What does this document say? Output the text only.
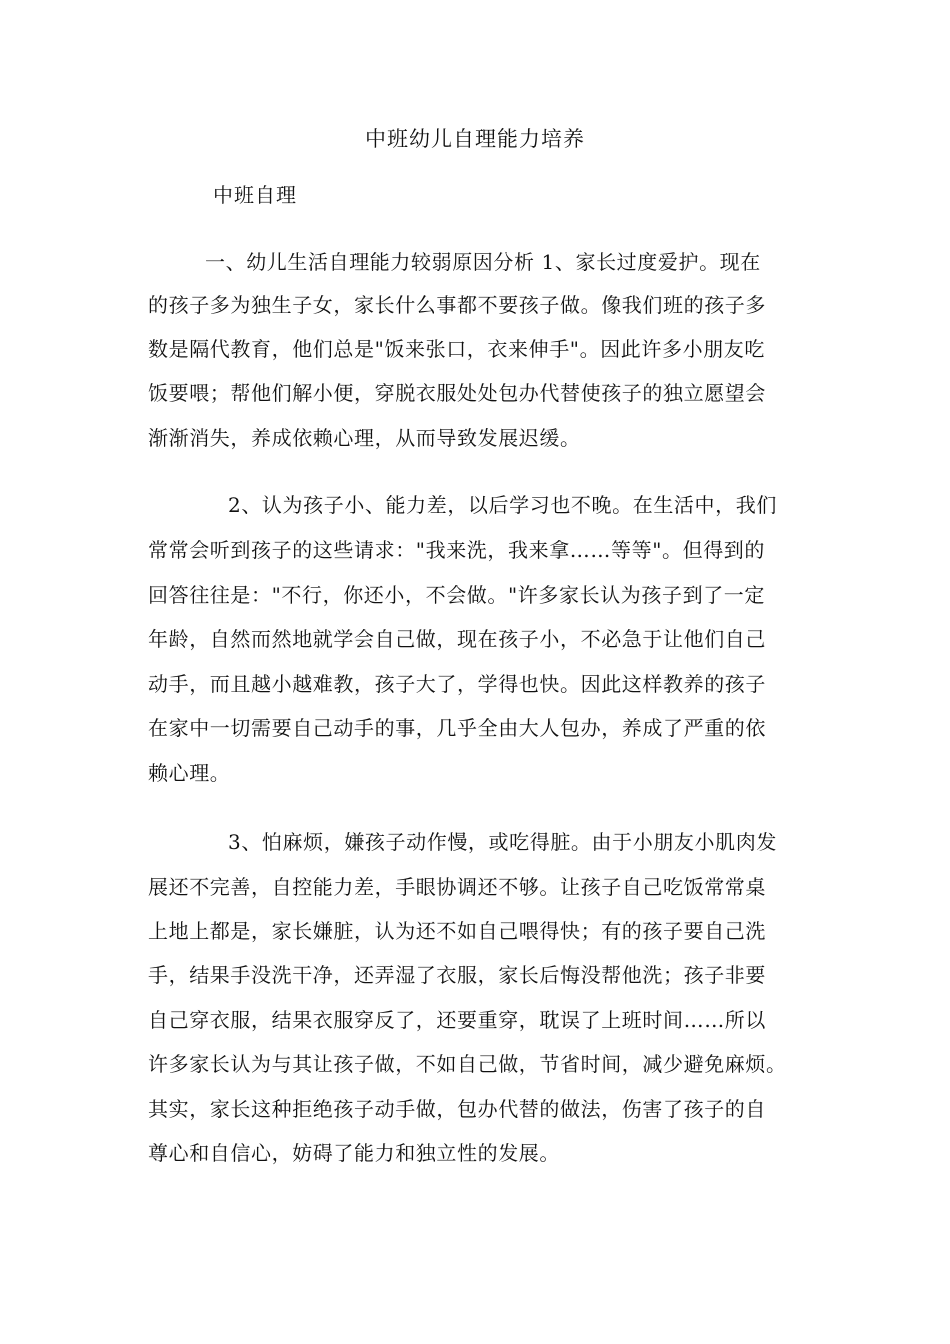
中班幼儿自理能力培养
中班自理
一、幼儿生活自理能力较弱原因分析 1、家长过度爱护。现在
的孩子多为独生子女，家长什么事都不要孩子做。像我们班的孩子多
数是隔代教育，他们总是"饭来张口，衣来伸手"。因此许多小朋友吃
饭要喂；帮他们解小便，穿脱衣服处处包办代替使孩子的独立愿望会
渐渐消失，养成依赖心理，从而导致发展迟缓。
2、认为孩子小、能力差，以后学习也不晚。在生活中，我们
常常会听到孩子的这些请求："我来洗，我来拿……等等"。但得到的
回答往往是："不行，你还小，不会做。"许多家长认为孩子到了一定
年龄，自然而然地就学会自己做，现在孩子小，不必急于让他们自己
动手，而且越小越难教，孩子大了，学得也快。因此这样教养的孩子
在家中一切需要自己动手的事，几乎全由大人包办，养成了严重的依
赖心理。
3、怕麻烦，嫌孩子动作慢，或吃得脏。由于小朋友小肌肉发
展还不完善，自控能力差，手眼协调还不够。让孩子自己吃饭常常桌
上地上都是，家长嫌脏，认为还不如自己喂得快；有的孩子要自己洗
手，结果手没洗干净，还弄湿了衣服，家长后悔没帮他洗；孩子非要
自己穿衣服，结果衣服穿反了，还要重穿，耽误了上班时间……所以
许多家长认为与其让孩子做，不如自己做，节省时间，减少避免麻烦。
其实，家长这种拒绝孩子动手做，包办代替的做法，伤害了孩子的自
尊心和自信心，妨碍了能力和独立性的发展。
